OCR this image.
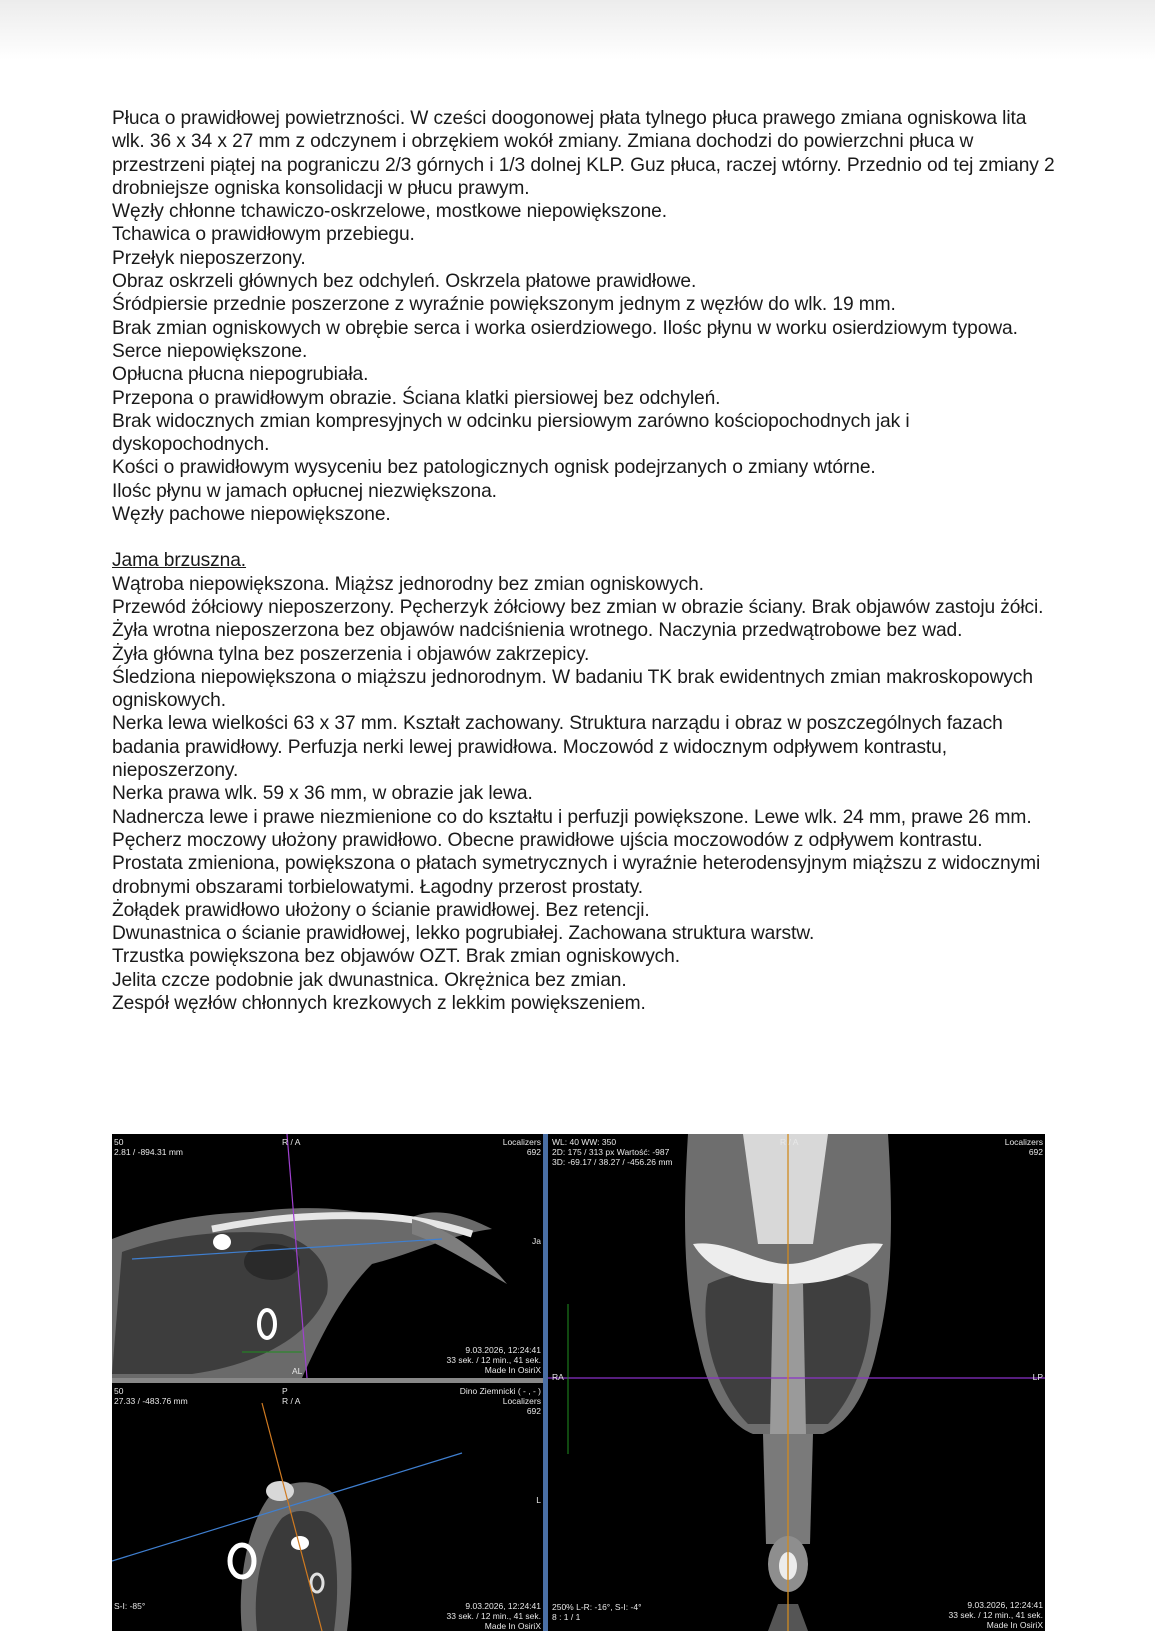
Płuca o prawidłowej powietrzności. W cześci doogonowej płata tylnego płuca prawego zmiana ogniskowa lita wlk. 36 x 34 x 27 mm z odczynem i obrzękiem wokół zmiany. Zmiana dochodzi do powierzchni płuca w przestrzeni piątej na pograniczu 2/3 górnych i 1/3 dolnej KLP. Guz płuca, raczej wtórny. Przednio od tej zmiany 2 drobniejsze ogniska konsolidacji w płucu prawym.
Węzły chłonne tchawiczo-oskrzelowe, mostkowe niepowiększone.
Tchawica o prawidłowym przebiegu.
Przełyk nieposzerzony.
Obraz oskrzeli głównych bez odchyleń. Oskrzela płatowe prawidłowe.
Śródpiersie przednie poszerzone z wyraźnie powiększonym jednym z węzłów do wlk. 19 mm.
Brak zmian ogniskowych w obrębie serca i worka osierdziowego. Ilośc płynu w worku osierdziowym typowa. Serce niepowiększone.
Opłucna płucna niepogrubiała.
Przepona o prawidłowym obrazie. Ściana klatki piersiowej bez odchyleń.
Brak widocznych zmian kompresyjnych w odcinku piersiowym zarówno kościopochodnych jak i dyskopochodnych.
Kości o prawidłowym wysyceniu bez patologicznych ognisk podejrzanych o zmiany wtórne.
Ilośc płynu w jamach opłucnej niezwiększona.
Węzły pachowe niepowiększone.
Jama brzuszna.
Wątroba niepowiększona. Miąższ jednorodny bez zmian ogniskowych.
Przewód żółciowy nieposzerzony. Pęcherzyk żółciowy bez zmian w obrazie ściany. Brak objawów zastoju żółci.
Żyła wrotna nieposzerzona bez objawów nadciśnienia wrotnego. Naczynia przedwątrobowe bez wad.
Żyła główna tylna bez poszerzenia i objawów zakrzepicy.
Śledziona niepowiększona o miąższu jednorodnym. W badaniu TK brak ewidentnych zmian makroskopowych ogniskowych.
Nerka lewa wielkości 63 x 37 mm. Kształt zachowany. Struktura narządu i obraz w poszczególnych fazach badania prawidłowy. Perfuzja nerki lewej prawidłowa. Moczowód z widocznym odpływem kontrastu, nieposzerzony.
Nerka prawa wlk. 59 x 36 mm, w obrazie jak lewa.
Nadnercza lewe i prawe niezmienione co do kształtu i perfuzji powiększone. Lewe wlk. 24 mm, prawe 26 mm.
Pęcherz moczowy ułożony prawidłowo. Obecne prawidłowe ujścia moczowodów z odpływem kontrastu.
Prostata zmieniona, powiększona o płatach symetrycznych i wyraźnie heterodensyjnym miąższu z widocznymi drobnymi obszarami torbielowatymi. Łagodny przerost prostaty.
Żołądek prawidłowo ułożony o ścianie prawidłowej. Bez retencji.
Dwunastnica o ścianie prawidłowej, lekko pogrubiałej. Zachowana struktura warstw.
Trzustka powiększona bez objawów OZT. Brak zmian ogniskowych.
Jelita czcze podobnie jak dwunastnica. Okrężnica bez zmian.
Zespół węzłów chłonnych krezkowych z lekkim powiększeniem.
50
2.81 / -894.31 mm
R / A	Localizers
692
Ja
AL
9.03.2026, 12:24:41
33 sek. / 12 min., 41 sek.
Made In OsiriX
50
27.33 / -483.76 mm
P
R / A
Dino Ziemnicki ( - , - )
Localizers
692
L
S-I: -85°	9.03.2026, 12:24:41
33 sek. / 12 min., 41 sek.
Made In OsiriX
WL: 40 WW: 350
2D: 175 / 313 px Wartość: -987
3D: -69.17 / 38.27 / -456.26 mm
R / A	Localizers
692
RA	LP
250% L-R: -16°, S-I: -4°
8 : 1 / 1
9.03.2026, 12:24:41
33 sek. / 12 min., 41 sek.
Made In OsiriX
